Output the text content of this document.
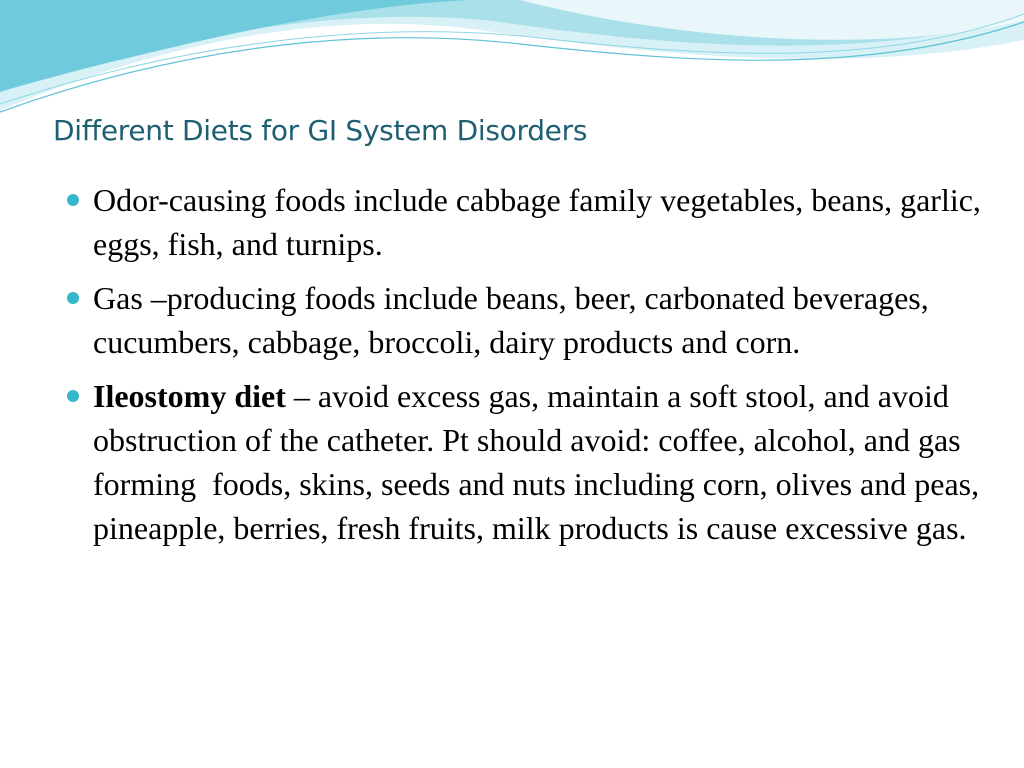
Different Diets for GI System Disorders
Odor-causing foods include cabbage family vegetables, beans, garlic, eggs, fish, and turnips.
Gas –producing foods include beans, beer, carbonated beverages, cucumbers, cabbage, broccoli, dairy products and corn.
Ileostomy diet – avoid excess gas, maintain a soft stool, and avoid obstruction of the catheter. Pt should avoid: coffee, alcohol, and gas forming  foods, skins, seeds and nuts including corn, olives and peas, pineapple, berries, fresh fruits, milk products is cause excessive gas.
